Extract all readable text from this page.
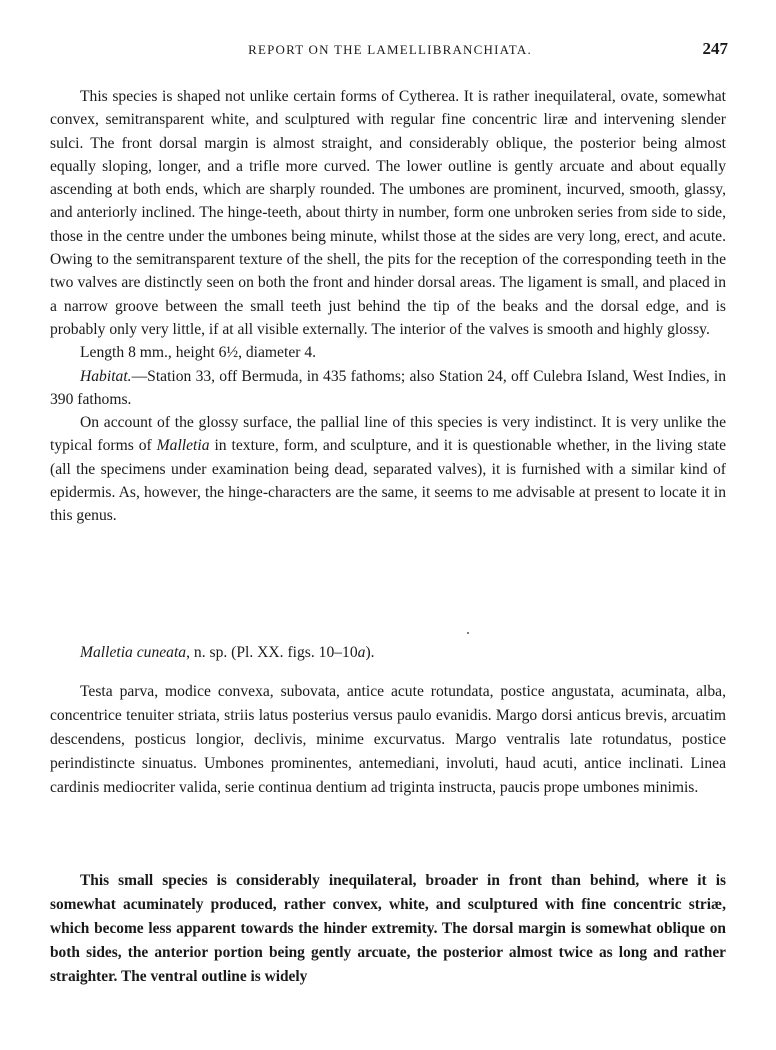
REPORT ON THE LAMELLIBRANCHIATA.	247

This species is shaped not unlike certain forms of Cytherea. It is rather inequilateral, ovate, somewhat convex, semitransparent white, and sculptured with regular fine concentric liræ and intervening slender sulci. The front dorsal margin is almost straight, and considerably oblique, the posterior being almost equally sloping, longer, and a trifle more curved. The lower outline is gently arcuate and about equally ascending at both ends, which are sharply rounded. The umbones are prominent, incurved, smooth, glassy, and anteriorly inclined. The hinge-teeth, about thirty in number, form one unbroken series from side to side, those in the centre under the umbones being minute, whilst those at the sides are very long, erect, and acute. Owing to the semitransparent texture of the shell, the pits for the reception of the corresponding teeth in the two valves are distinctly seen on both the front and hinder dorsal areas. The ligament is small, and placed in a narrow groove between the small teeth just behind the tip of the beaks and the dorsal edge, and is probably only very little, if at all visible externally. The interior of the valves is smooth and highly glossy.

Length 8 mm., height 6½, diameter 4.

Habitat.—Station 33, off Bermuda, in 435 fathoms; also Station 24, off Culebra Island, West Indies, in 390 fathoms.

On account of the glossy surface, the pallial line of this species is very indistinct. It is very unlike the typical forms of Malletia in texture, form, and sculpture, and it is questionable whether, in the living state (all the specimens under examination being dead, separated valves), it is furnished with a similar kind of epidermis. As, however, the hinge-characters are the same, it seems to me advisable at present to locate it in this genus.

Malletia cuneata, n. sp. (Pl. XX. figs. 10–10a).

Testa parva, modice convexa, subovata, antice acute rotundata, postice angustata, acuminata, alba, concentrice tenuiter striata, striis latus posterius versus paulo evanidis. Margo dorsi anticus brevis, arcuatim descendens, posticus longior, declivis, minime excurvatus. Margo ventralis late rotundatus, postice perindistincte sinuatus. Umbones prominentes, antemediani, involuti, haud acuti, antice inclinati. Linea cardinis mediocriter valida, serie continua dentium ad triginta instructa, paucis prope umbones minimis.

This small species is considerably inequilateral, broader in front than behind, where it is somewhat acuminately produced, rather convex, white, and sculptured with fine concentric striæ, which become less apparent towards the hinder extremity. The dorsal margin is somewhat oblique on both sides, the anterior portion being gently arcuate, the posterior almost twice as long and rather straighter. The ventral outline is widely
